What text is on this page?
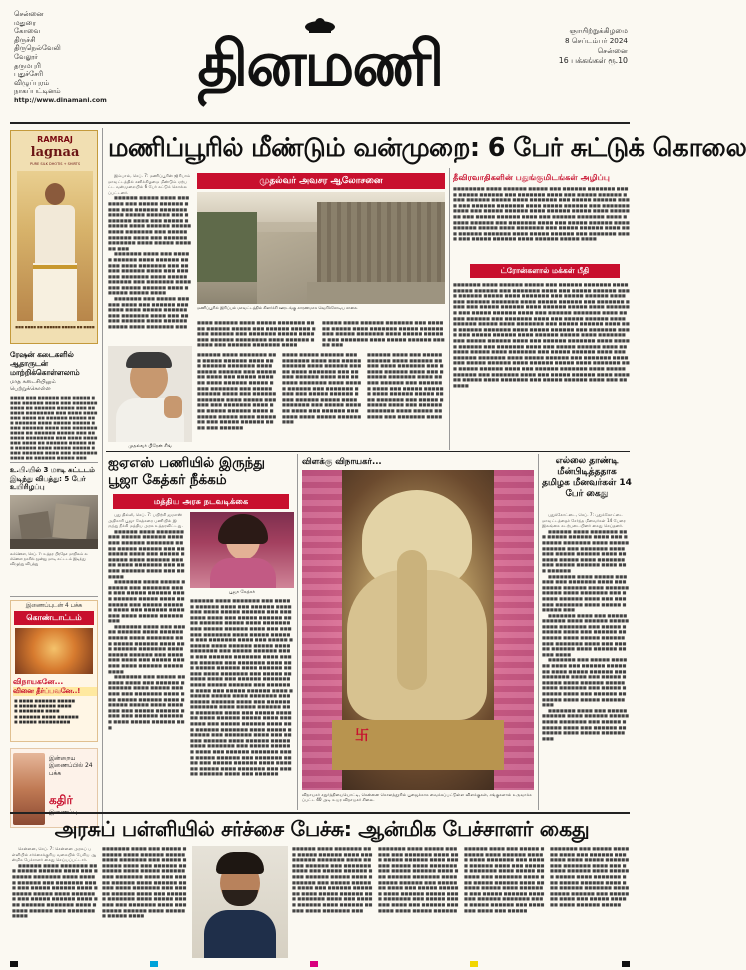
சென்னை
மதுரை
கோவை
திருச்சி
திருநெல்வேலி
வேலூர்
தருமபுரி
புதுச்சேரி
விழுப்புரம்
நாகப்பட்டினம்
http://www.dinamani.com தினமணி	ஞாயிற்றுக்கிழமை
8 செப்டம்பர் 2024
சென்னை
16 பக்கங்கள் ரூ.10
RAMRAJ
lagnaa
PURE SILK DHOTIS + SHIRTS
■■■ ■■■■ ■■ ■■■■■■ ■■■■■ ■■ ■■■■
ரேஷன் கடைகளில் ஆதாருடன் மாற்றிக்கொள்ளலாம்
மாத கடைசியிலும் பெற்றுக்கொள்ள
■■■■ ■■■ ■■■■■■ ■■■ ■■■■■ ■■■■ ■■■■■■ ■■■■ ■■■ ■■■■■■■ ■■■■ ■■ ■■■■■■ ■■■■■ ■■■ ■■■■■■ ■■■■■■■■ ■■■ ■■■■ ■■■■■■■ ■■■■ ■■ ■■■■■■ ■■■■■ ■■■ ■■■■■■ ■■■■ ■■■■■ ■■■■■ ■■■■ ■■■■■■ ■■■■ ■■■ ■■■■■■■ ■■■■ ■■ ■■■■■■ ■■■■■ ■■■ ■■■■■■ ■■■■■■■■ ■■■ ■■■■ ■■■■■■■ ■■■■ ■■ ■■■■■■ ■■■■■ ■■■ ■■■■■■ ■■■■ ■■■■■ ■■■■■ ■■■■ ■■■■■■ ■■■■ ■■■ ■■■■■■■ ■■■■ ■■ ■■■■■■ ■■■■■ ■■■
உ.பி.யில் 3 மாடி கட்டடம் இடிந்து விபத்து: 5 பேர் உயிரிழப்பு
லக்னெள, செப். 7: உத்தர பிரதேச மாநிலம் லக்னெள நகரில் மூன்று மாடி கட்டடம் இடிந்து விழுந்து விபத்து
இணைப்புடன் 4 பக்க
கொண்டாட்டம்
விநாயகனே...
வினை தீர்ப்பவனே..!
■ ■■■■ ■■■■■■ ■■■■■
■ ■■■■■ ■■■■■ ■■■■
■ ■■■■■■■ ■■■■
■ ■■■■■■ ■■■■ ■■■■■■
■ ■■■■■ ■■■■■■■■■
இன்றைய இணைப்பில் 24 பக்க
கதிர்
மணிப்பூரில் மீண்டும் வன்முறை: 6 பேர் சுட்டுக் கொலை
முதல்வர் அவசர ஆலோசனை

இம்பால், செப். 7: மணிப்பூரின் ஜிரிபாம் மாவட்டத்தில் சனிக்கிழமை மீண்டும் ஏற்பட்ட வன்முறையில் 6 பேர் சுட்டுக் கொல்லப்பட்டனர்.

■■■■■■ ■■■■■ ■■■■ ■■■■■■■ ■■■ ■■■■■ ■■■■■■ ■■■■ ■■■ ■■■■■■ ■■■■■■■ ■■■■ ■■■■■ ■■■■■■ ■■■ ■■■■■■■ ■■■■ ■■■ ■■■■■ ■■■■■■ ■■■■ ■■■■■■ ■■■■■ ■■■■ ■■■■■■■ ■■■ ■■■■■ ■■■■■■ ■■■■ ■■■ ■■■■■■ ■■■■■■■ ■■■■ ■■■■■ ■■■■■■ ■■■

■■■■■■■ ■■■■ ■■■ ■■■■■ ■■■■■■ ■■■■ ■■■■■■ ■■■■■ ■■■■ ■■■■■■■ ■■■ ■■■■■ ■■■■■■ ■■■■ ■■■ ■■■■■■ ■■■■■■■ ■■■■ ■■■■■ ■■■■■■ ■■■ ■■■■■■■ ■■■■ ■■■ ■■■■■ ■■■■■■ ■■■■ ■■■■■■ ■■■■■ ■■■■

■■■■■■■ ■■■ ■■■■■ ■■■■■■ ■■■■ ■■■ ■■■■■■ ■■■■■■■ ■■■■ ■■■■■ ■■■■■■ ■■■ ■■■■■■■ ■■■■ ■■■ ■■■■■ ■■■■■■ ■■■■ ■■■■■■ ■■■■■ ■■■■ ■■■■■■■ ■■■

மணிப்பூரில் இரிப்பல் மாவட்டத்தில் கிளர்ச்சி ஊரடங்கு காரணமாக வெறிச்சோடிய சாலை
■■■■ ■■■■■■ ■■■■ ■■■■■ ■■■■■■■ ■■■■ ■■■■■■ ■■■■■ ■■■ ■■■■■■ ■■■■■ ■■■■ ■■■■■■ ■■■ ■■■■■■■ ■■■■■ ■■■■ ■■■ ■■■■■■ ■■■■■■■■ ■■■■ ■■■■■■ ■■■■■ ■■■ ■■■■■■ ■■■■■■■ ■■■■
■■■■■ ■■■■ ■■■■■■ ■■■■■■■ ■■■ ■■■■■■ ■■■■■ ■■■■ ■■■■■■■ ■■■■■ ■■■■■■ ■■■ ■■■■■ ■■■■■■■ ■■■■ ■■■■■ ■■■■■■ ■■■ ■■■■■■■ ■■■■ ■■■■■ ■■■■■■ ■■■■■ ■■■
முதல்வர் பிரேன் சிங்
■■■■■■ ■■■■ ■■■■■■■ ■■■ ■■■■■ ■■■■■■ ■■■■ ■■■ ■■■■■■ ■■■■■■■ ■■■■ ■■■■■ ■■■■■■ ■■■ ■■■■■■■ ■■■■ ■■■ ■■■■■ ■■■■■■ ■■■■ ■■■■■■ ■■■■■ ■■■■ ■■■■■■■ ■■■ ■■■■■ ■■■■■■ ■■■■ ■■■ ■■■■■■ ■■■■■■■ ■■■■ ■■■■■ ■■■■■■ ■■■ ■■■■■■■ ■■■■ ■■■ ■■■■■ ■■■■■■ ■■■■ ■■■■■■ ■■■■■ ■■■■ ■■■■■■■ ■■■ ■■■■■ ■■■■■■ ■■■■ ■■■ ■■■■■■
■■■■ ■■■■■ ■■■■■■ ■■■ ■■■■■■■ ■■■■ ■■■ ■■■■■ ■■■■■■ ■■■■ ■■■■■■ ■■■■■ ■■■■ ■■■■■■■ ■■■ ■■■■■ ■■■■■■ ■■■■ ■■■ ■■■■■■ ■■■■■■■ ■■■■ ■■■■■ ■■■■■■ ■■■ ■■■■■■■ ■■■■ ■■■ ■■■■■ ■■■■■■ ■■■■ ■■■■■■ ■■■■■ ■■■■ ■■■■■■■ ■■■ ■■■■■ ■■■■■■ ■■■■ ■■■ ■■■■■■ ■■■■■■■ ■■■■ ■■■■■ ■■■■■■ ■■■
■■■■■■ ■■■■ ■■■ ■■■■■ ■■■■■■ ■■■■ ■■■■■■ ■■■■■ ■■■■ ■■■■■■■ ■■■ ■■■■■ ■■■■■■ ■■■■ ■■■ ■■■■■■ ■■■■■■■ ■■■■ ■■■■■ ■■■■■■ ■■■ ■■■■■■■ ■■■■ ■■■ ■■■■■ ■■■■■■ ■■■■ ■■■■■■ ■■■■■ ■■■■ ■■■■■■■ ■■■ ■■■■■ ■■■■■■ ■■■■ ■■■ ■■■■■■ ■■■■■■■ ■■■■ ■■■■■ ■■■■■■ ■■■ ■■■■■■■ ■■■■
தீவிரவாதிகளின் பதுங்குமிடங்கள் அழிப்பு
■■■■■■■■ ■■■■ ■■■■■■ ■■■■■ ■■■ ■■■■■■ ■■■■■■■ ■■■■ ■■■■■ ■■■■■■ ■■■ ■■■■■■■ ■■■■ ■■■ ■■■■■ ■■■■■■ ■■■■ ■■■■■■ ■■■■■ ■■■■ ■■■■■■■ ■■■ ■■■■■ ■■■■■■ ■■■■ ■■■ ■■■■■■ ■■■■■■■ ■■■■ ■■■■■ ■■■■■■ ■■■ ■■■■■■■ ■■■■ ■■■ ■■■■■ ■■■■■■ ■■■■ ■■■■■■ ■■■■■ ■■■■ ■■■■■■■ ■■■ ■■■■■ ■■■■■■ ■■■■ ■■■ ■■■■■■ ■■■■■■■ ■■■■ ■■■■■ ■■■■■■ ■■■ ■■■■■■■ ■■■■ ■■■ ■■■■■ ■■■■■■ ■■■■ ■■■■■■ ■■■■■ ■■■■ ■■■■■■■ ■■■ ■■■■■ ■■■■■■ ■■■■ ■■■ ■■■■■■ ■■■■■■■ ■■■■ ■■■■■ ■■■■■■ ■■■ ■■■■■■■ ■■■■ ■■■ ■■■■■ ■■■■■■ ■■■■ ■■■■■■ ■■■■■ ■■■■
ட்ரோன்களால் மக்கள் பீதி
■■■■■■■ ■■■■ ■■■■■■ ■■■■■ ■■■ ■■■■■■ ■■■■■■■ ■■■■ ■■■■■ ■■■■■■ ■■■ ■■■■■■■ ■■■■ ■■■ ■■■■■ ■■■■■■ ■■■■ ■■■■■■ ■■■■■ ■■■■ ■■■■■■■ ■■■ ■■■■■ ■■■■■■ ■■■■ ■■■ ■■■■■■ ■■■■■■■ ■■■■ ■■■■■ ■■■■■■ ■■■ ■■■■■■■ ■■■■ ■■■ ■■■■■ ■■■■■■ ■■■■ ■■■■■■ ■■■■■ ■■■■ ■■■■■■■ ■■■ ■■■■■ ■■■■■■ ■■■■ ■■■ ■■■■■■ ■■■■■■■ ■■■■ ■■■■■ ■■■■■■ ■■■ ■■■■■■■ ■■■■ ■■■ ■■■■■ ■■■■■■ ■■■■ ■■■■■■ ■■■■■ ■■■■ ■■■■■■■ ■■■ ■■■■■ ■■■■■■ ■■■■ ■■■ ■■■■■■ ■■■■■■■ ■■■■ ■■■■■ ■■■■■■ ■■■ ■■■■■■■ ■■■■ ■■■ ■■■■■ ■■■■■■ ■■■■ ■■■■■■ ■■■■■ ■■■■ ■■■■■■■ ■■■ ■■■■■ ■■■■■■ ■■■■ ■■■ ■■■■■■ ■■■■■■■ ■■■■ ■■■■■ ■■■■■■ ■■■ ■■■■■■■ ■■■■ ■■■ ■■■■■ ■■■■■■ ■■■■ ■■■■■■ ■■■■■ ■■■■ ■■■■■■■ ■■■ ■■■■■ ■■■■■■ ■■■■ ■■■ ■■■■■■ ■■■■■■■ ■■■■ ■■■■■ ■■■■■■ ■■■ ■■■■■■■ ■■■■ ■■■ ■■■■■ ■■■■■■ ■■■■ ■■■■■■ ■■■■■ ■■■■ ■■■■■■■ ■■■ ■■■■■ ■■■■■■ ■■■■ ■■■ ■■■■■■ ■■■■■■■ ■■■■ ■■■■■ ■■■■■■ ■■■ ■■■■■■■ ■■■■ ■■■ ■■■■■ ■■■■■■ ■■■■ ■■■■■■ ■■■■■ ■■■■ ■■■■■■■ ■■■ ■■■■■ ■■■■■■ ■■■■ ■■■ ■■■■■■
ஐஏஎஸ் பணியில் இருந்து பூஜா கேத்கர் நீக்கம்
மத்திய அரசு நடவடிக்கை

புது தில்லி, செப். 7: பயிற்சி ஐஏஎஸ் அதிகாரி பூஜா கேத்கரை பணியில் இருந்து நீக்கி மத்திய அரசு உத்தரவிட்டது.

■■■■■■ ■■■■ ■■■■■■■ ■■■ ■■■■■ ■■■■■■ ■■■■ ■■■ ■■■■■■ ■■■■■■■ ■■■■ ■■■■■ ■■■■■■ ■■■ ■■■■■■■ ■■■■ ■■■ ■■■■■ ■■■■■■ ■■■■ ■■■■■■ ■■■■■ ■■■■ ■■■■■■■ ■■■ ■■■■■ ■■■■■■ ■■■■ ■■■ ■■■■■■

■■■■■■■ ■■■■ ■■■■■ ■■■■■■ ■■■ ■■■■■■■ ■■■■ ■■■ ■■■■■ ■■■■■■ ■■■■ ■■■■■■ ■■■■■ ■■■■ ■■■■■■■ ■■■ ■■■■■ ■■■■■■ ■■■■ ■■■ ■■■■■■ ■■■■■■■ ■■■■ ■■■■■ ■■■■■■ ■■■

■■■■■■■ ■■■■ ■■■ ■■■■■ ■■■■■■ ■■■■ ■■■■■■ ■■■■■ ■■■■ ■■■■■■■ ■■■ ■■■■■ ■■■■■■ ■■■■ ■■■ ■■■■■■ ■■■■■■■ ■■■■ ■■■■■ ■■■■■■ ■■■ ■■■■■■■ ■■■■ ■■■ ■■■■■ ■■■■■■ ■■■■ ■■■■■■ ■■■■■ ■■■■

■■■■■■■ ■■■ ■■■■■ ■■■■■■ ■■■■ ■■■ ■■■■■■ ■■■■■■■ ■■■■ ■■■■■ ■■■■■■ ■■■ ■■■■■■■ ■■■■ ■■■ ■■■■■ ■■■■■■ ■■■■ ■■■■■■ ■■■■■ ■■■■ ■■■■■■■ ■■■ ■■■■■ ■■■■■■ ■■■■ ■■■ ■■■■■■ ■■■■■■■ ■■■■ ■■■■■ ■■■■■■ ■■■

பூஜா கேத்கர்
■■■■■■ ■■■■ ■■■■■■■ ■■■ ■■■■■ ■■■■■■ ■■■■ ■■■ ■■■■■■ ■■■■■■■ ■■■■ ■■■■■ ■■■■■■ ■■■ ■■■■■■■ ■■■■ ■■■ ■■■■■ ■■■■■■ ■■■■ ■■■■■■ ■■■■■ ■■■■ ■■■■■■■ ■■■ ■■■■■ ■■■■■■ ■■■■ ■■■ ■■■■■■ ■■■■■■■ ■■■■ ■■■■■ ■■■■■■ ■■■ ■■■■■■■ ■■■■ ■■■ ■■■■■ ■■■■■■ ■■■■ ■■■■■■ ■■■■■ ■■■■ ■■■■■■■ ■■■ ■■■■■ ■■■■■■ ■■■■ ■■■ ■■■■■■ ■■■■■■■ ■■■■ ■■■■■ ■■■■■■ ■■■ ■■■■■■■ ■■■■ ■■■ ■■■■■ ■■■■■■ ■■■■ ■■■■■■ ■■■■■ ■■■■ ■■■■■■■ ■■■ ■■■■■ ■■■■■■ ■■■■ ■■■ ■■■■■■ ■■■■■■■ ■■■■ ■■■■■ ■■■■■■ ■■■ ■■■■■■■ ■■■■ ■■■ ■■■■■ ■■■■■■ ■■■■ ■■■■■■ ■■■■■ ■■■■ ■■■■■■■ ■■■ ■■■■■ ■■■■■■ ■■■■ ■■■ ■■■■■■ ■■■■■■■ ■■■■ ■■■■■ ■■■■■■ ■■■ ■■■■■■■ ■■■■ ■■■ ■■■■■ ■■■■■■ ■■■■ ■■■■■■ ■■■■■ ■■■■ ■■■■■■■ ■■■ ■■■■■ ■■■■■■ ■■■■ ■■■ ■■■■■■ ■■■■■■■ ■■■■ ■■■■■ ■■■■■■ ■■■ ■■■■■■■ ■■■■ ■■■ ■■■■■ ■■■■■■ ■■■■ ■■■■■■ ■■■■■ ■■■■ ■■■■■■■ ■■■ ■■■■■ ■■■■■■ ■■■■ ■■■ ■■■■■■ ■■■■■■■ ■■■■ ■■■■■ ■■■■■■ ■■■ ■■■■■■■ ■■■■ ■■■ ■■■■■ ■■■■■■ ■■■■ ■■■■■■ ■■■■■ ■■■■ ■■■■■■■ ■■■ ■■■■■ ■■■■■■ ■■■■ ■■■ ■■■■■■
விளக்கு விநாயகர்...
卐
விநாயகர் சதுர்த்தியையொட்டி, சென்னை கொளத்தூரில் பூஜைக்காக வைக்கப்பட்டுள்ள விளக்குகள், சங்குகளால் உருவாக்கப்பட்ட 40 அடி உயர விநாயகர் சிலை.
எல்லை தாண்டி மீன்பிடித்ததாக தமிழக மீனவர்கள் 14 பேர் கைது

புதுக்கோட்டை, செப். 7: புதுக்கோட்டை மாவட்டத்தைச் சேர்ந்த மீனவர்கள் 14 பேரை இலங்கை கடற்படையினர் கைது செய்தனர்.

■■■■■■ ■■■■ ■■■■■■■ ■■■ ■■■■■ ■■■■■■ ■■■■ ■■■ ■■■■■■ ■■■■■■■ ■■■■ ■■■■■ ■■■■■■ ■■■ ■■■■■■■ ■■■■ ■■■ ■■■■■ ■■■■■■ ■■■■ ■■■■■■ ■■■■■ ■■■■ ■■■■■■■ ■■■ ■■■■■ ■■■■■■ ■■■■ ■■■ ■■■■■■

■■■■■■■ ■■■■ ■■■■■ ■■■■■■ ■■■ ■■■■■■■ ■■■■ ■■■ ■■■■■ ■■■■■■ ■■■■ ■■■■■■ ■■■■■ ■■■■ ■■■■■■■ ■■■ ■■■■■ ■■■■■■ ■■■■ ■■■ ■■■■■■ ■■■■■■■ ■■■■ ■■■■■ ■■■■■■ ■■■

■■■■■■■ ■■■■ ■■■ ■■■■■ ■■■■■■ ■■■■ ■■■■■■ ■■■■■ ■■■■ ■■■■■■■ ■■■ ■■■■■ ■■■■■■ ■■■■ ■■■ ■■■■■■ ■■■■■■■ ■■■■ ■■■■■ ■■■■■■ ■■■ ■■■■■■■ ■■■■ ■■■ ■■■■■ ■■■■■■ ■■■■ ■■■■■■ ■■■■■ ■■■■

■■■■■■■ ■■■ ■■■■■ ■■■■■■ ■■■■ ■■■ ■■■■■■ ■■■■■■■ ■■■■ ■■■■■ ■■■■■■ ■■■ ■■■■■■■ ■■■■ ■■■ ■■■■■ ■■■■■■ ■■■■ ■■■■■■ ■■■■■ ■■■■ ■■■■■■■ ■■■ ■■■■■ ■■■■■■ ■■■■ ■■■ ■■■■■■ ■■■■■■■ ■■■■ ■■■■■ ■■■■■■ ■■■

■■■■■■■ ■■■■ ■■■ ■■■■■ ■■■■■■ ■■■■ ■■■■■■ ■■■■■ ■■■■ ■■■■■■■ ■■■ ■■■■■ ■■■■■■ ■■■■ ■■■ ■■■■■■ ■■■■■■■ ■■■■ ■■■■■ ■■■■■■ ■■■

அரசுப் பள்ளியில் சர்ச்சை பேச்சு: ஆன்மிக பேச்சாளர் கைது

சென்னை, செப். 7: சென்னை அரசுப் பள்ளியில் சர்ச்சைக்குரிய வகையில் பேசிய ஆன்மிக பேச்சாளர் கைது செய்யப்பட்டார்.

■■■■■■ ■■■■ ■■■■■■■ ■■■ ■■■■■ ■■■■■■ ■■■■ ■■■ ■■■■■■ ■■■■■■■ ■■■■ ■■■■■ ■■■■■■ ■■■ ■■■■■■■ ■■■■ ■■■ ■■■■■ ■■■■■■ ■■■■ ■■■■■■ ■■■■■ ■■■■ ■■■■■■■ ■■■ ■■■■■ ■■■■■■ ■■■■ ■■■ ■■■■■■ ■■■■■■■ ■■■■ ■■■■■ ■■■■■■ ■■■ ■■■■■■■ ■■■■

■■■■■■■ ■■■■ ■■■ ■■■■■ ■■■■■■ ■■■■ ■■■■■■ ■■■■■ ■■■■ ■■■■■■■ ■■■ ■■■■■ ■■■■■■ ■■■■ ■■■ ■■■■■■ ■■■■■■■ ■■■■ ■■■■■ ■■■■■■ ■■■ ■■■■■■■ ■■■■ ■■■ ■■■■■ ■■■■■■ ■■■■ ■■■■■■ ■■■■■ ■■■■ ■■■■■■■ ■■■ ■■■■■ ■■■■■■ ■■■■ ■■■ ■■■■■■ ■■■■■■■ ■■■■ ■■■■■ ■■■■■■ ■■■ ■■■■■■■ ■■■■ ■■■ ■■■■■ ■■■■■■ ■■■■ ■■■■■■ ■■■■■ ■■■■
■■■■■■ ■■■■ ■■■■■■■ ■■■ ■■■■■ ■■■■■■ ■■■■ ■■■ ■■■■■■ ■■■■■■■ ■■■■ ■■■■■ ■■■■■■ ■■■ ■■■■■■■ ■■■■ ■■■ ■■■■■ ■■■■■■ ■■■■ ■■■■■■ ■■■■■ ■■■■ ■■■■■■■ ■■■ ■■■■■ ■■■■■■ ■■■■ ■■■ ■■■■■■ ■■■■■■■ ■■■■ ■■■■■ ■■■■■■ ■■■ ■■■■■■■ ■■■■ ■■■ ■■■■■ ■■■■■■ ■■■■ ■■■■■■ ■■■■■ ■■■■ ■■■■■■■ ■■■
■■■■■■■ ■■■■ ■■■■■ ■■■■■■ ■■■ ■■■■■■■ ■■■■ ■■■ ■■■■■ ■■■■■■ ■■■■ ■■■■■■ ■■■■■ ■■■■ ■■■■■■■ ■■■ ■■■■■ ■■■■■■ ■■■■ ■■■ ■■■■■■ ■■■■■■■ ■■■■ ■■■■■ ■■■■■■ ■■■ ■■■■■■■ ■■■■ ■■■ ■■■■■ ■■■■■■ ■■■■ ■■■■■■ ■■■■■ ■■■■ ■■■■■■■ ■■■ ■■■■■ ■■■■■■ ■■■■ ■■■ ■■■■■■ ■■■■■■■ ■■■■ ■■■■■ ■■■■■■
■■■■■■ ■■■■ ■■■ ■■■■■ ■■■■■■ ■■■■ ■■■■■■ ■■■■■ ■■■■ ■■■■■■■ ■■■ ■■■■■ ■■■■■■ ■■■■ ■■■ ■■■■■■ ■■■■■■■ ■■■■ ■■■■■ ■■■■■■ ■■■ ■■■■■■■ ■■■■ ■■■ ■■■■■ ■■■■■■ ■■■■ ■■■■■■ ■■■■■ ■■■■ ■■■■■■■ ■■■ ■■■■■ ■■■■■■ ■■■■ ■■■ ■■■■■■ ■■■■■■■ ■■■■ ■■■■■ ■■■■■■ ■■■ ■■■■■■■ ■■■■ ■■■ ■■■■■
■■■■■■■ ■■■ ■■■■■ ■■■■■■ ■■■■ ■■■ ■■■■■■ ■■■■■■■ ■■■■ ■■■■■ ■■■■■■ ■■■ ■■■■■■■ ■■■■ ■■■ ■■■■■ ■■■■■■ ■■■■ ■■■■■■ ■■■■■ ■■■■ ■■■■■■■ ■■■ ■■■■■ ■■■■■■ ■■■■ ■■■ ■■■■■■ ■■■■■■■ ■■■■ ■■■■■ ■■■■■■ ■■■ ■■■■■■■ ■■■■ ■■■ ■■■■■ ■■■■■■ ■■■■ ■■■■■■ ■■■■■
